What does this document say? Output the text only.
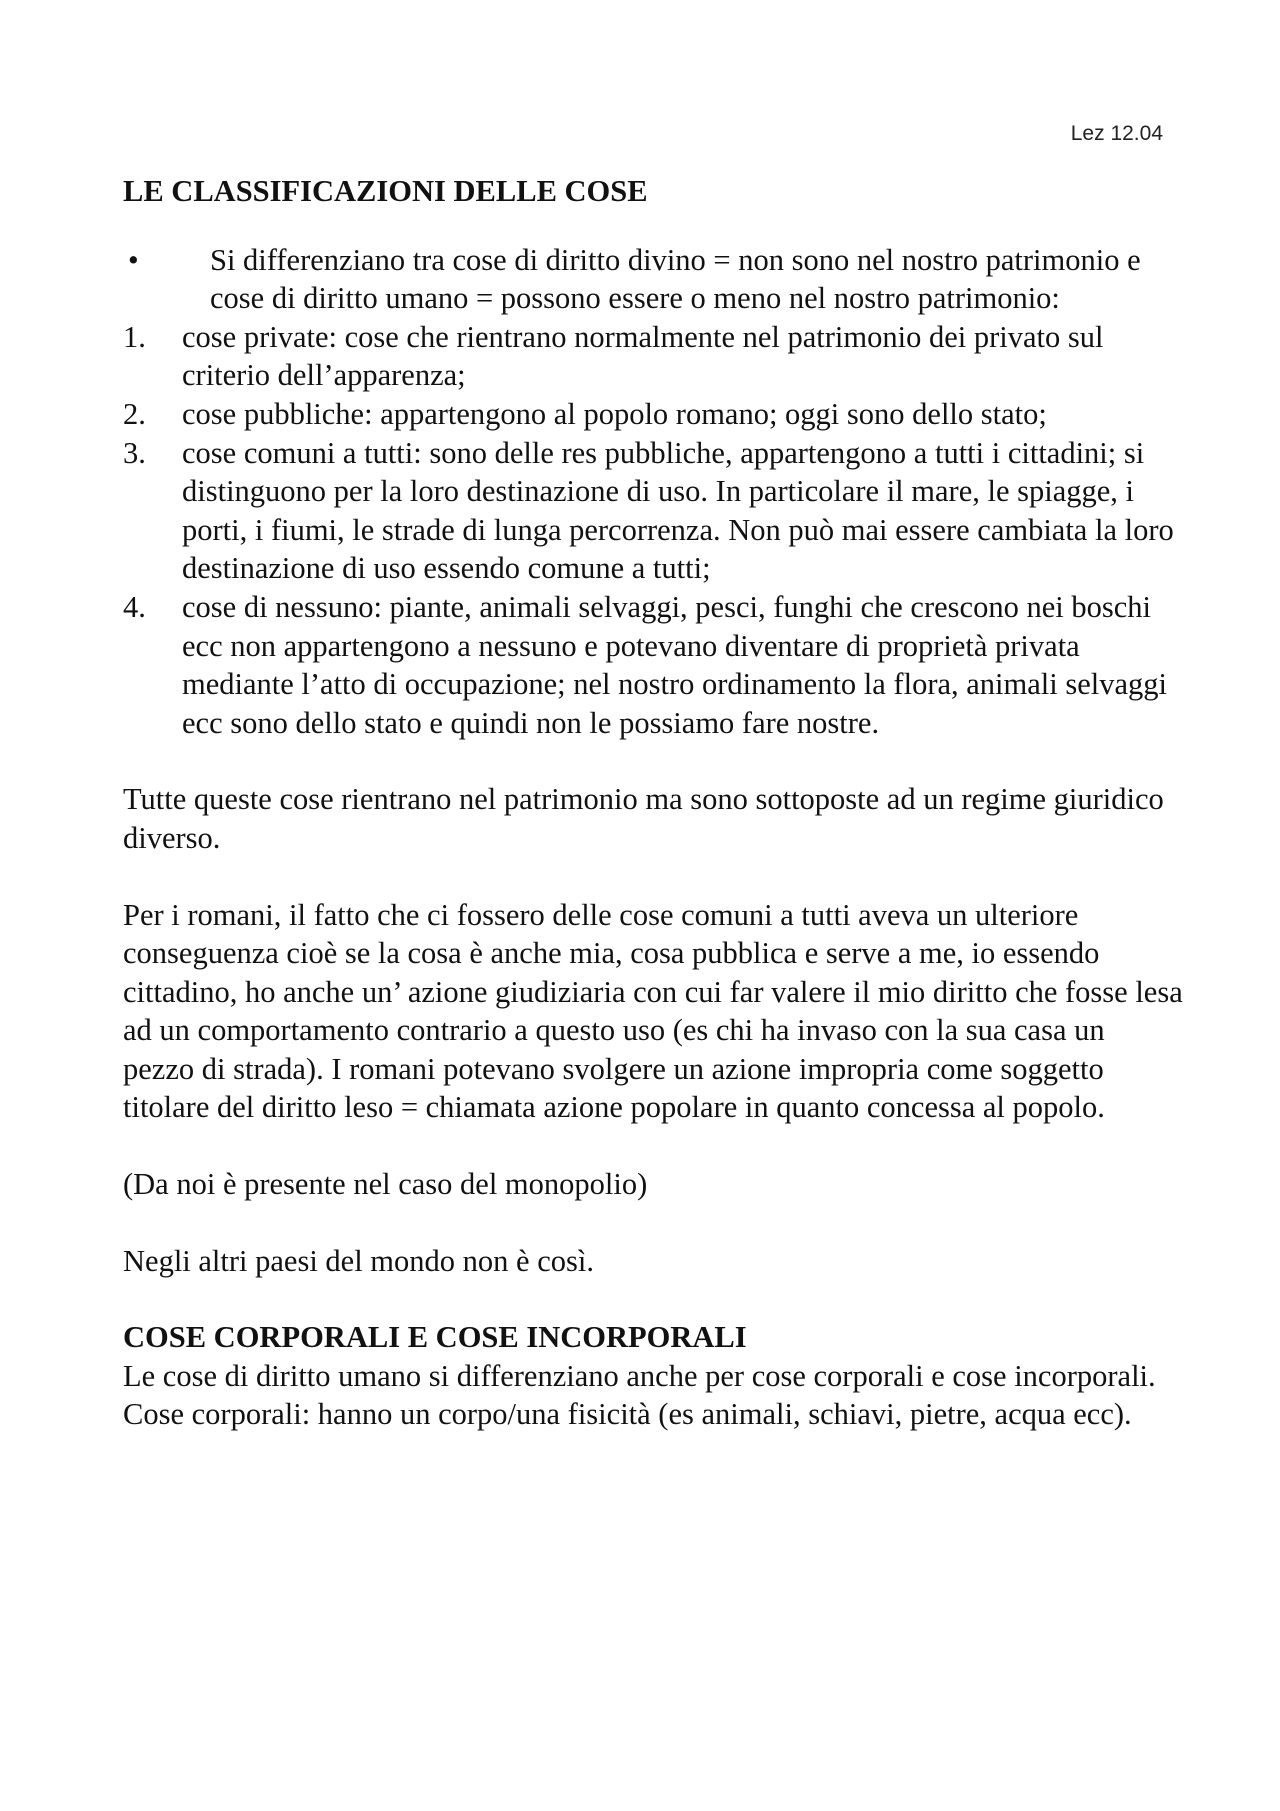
Lez 12.04
LE CLASSIFICAZIONI DELLE COSE
• Si differenziano tra cose di diritto divino = non sono nel nostro patrimonio e cose di diritto umano = possono essere o meno nel nostro patrimonio:
1. cose private: cose che rientrano normalmente nel patrimonio dei privato sul criterio dell’apparenza;
2. cose pubbliche: appartengono al popolo romano; oggi sono dello stato;
3. cose comuni a tutti: sono delle res pubbliche, appartengono a tutti i cittadini; si distinguono per la loro destinazione di uso. In particolare il mare, le spiagge, i porti, i fiumi, le strade di lunga percorrenza. Non può mai essere cambiata la loro destinazione di uso essendo comune a tutti;
4. cose di nessuno: piante, animali selvaggi, pesci, funghi che crescono nei boschi ecc non appartengono a nessuno e potevano diventare di proprietà privata mediante l’atto di occupazione; nel nostro ordinamento la flora, animali selvaggi ecc sono dello stato e quindi non le possiamo fare nostre.

Tutte queste cose rientrano nel patrimonio ma sono sottoposte ad un regime giuridico diverso.

Per i romani, il fatto che ci fossero delle cose comuni a tutti aveva un ulteriore conseguenza cioè se la cosa è anche mia, cosa pubblica e serve a me, io essendo cittadino, ho anche un’ azione giudiziaria con cui far valere il mio diritto che fosse lesa ad un comportamento contrario a questo uso (es chi ha invaso con la sua casa un pezzo di strada). I romani potevano svolgere un azione impropria come soggetto titolare del diritto leso = chiamata azione popolare in quanto concessa al popolo.

(Da noi è presente nel caso del monopolio)

Negli altri paesi del mondo non è così.

COSE CORPORALI E COSE INCORPORALI

Le cose di diritto umano si differenziano anche per cose corporali e cose incorporali.

Cose corporali: hanno un corpo/una fisicità (es animali, schiavi, pietre, acqua ecc).
